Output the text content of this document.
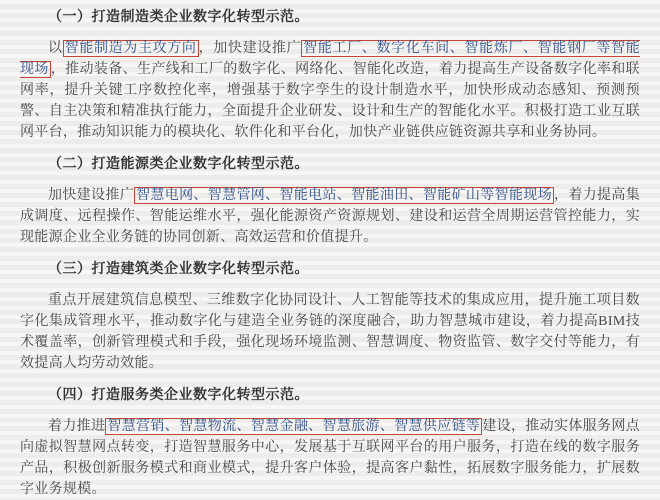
（一）打造制造类企业数字化转型示范。

以 智能制造为主攻方向 ，加快建设推广 智能工厂、数字化车间、智能炼厂、智能钢厂等智能现场 ，推动装备、生产线和工厂的数字化、网络化、智能化改造，着力提高生产设备数字化率和联网率，提升关键工序数控化率，增强基于数字孪生的设计制造水平，加快形成动态感知、预测预警、自主决策和精准执行能力，全面提升企业研发、设计和生产的智能化水平。积极打造工业互联网平台，推动知识能力的模块化、软件化和平台化，加快产业链供应链资源共享和业务协同。

（二）打造能源类企业数字化转型示范。

加快建设推广 智慧电网、智慧管网、智能电站、智能油田、智能矿山等智能现场 ，着力提高集成调度、远程操作、智能运维水平，强化能源资产资源规划、建设和运营全周期运营管控能力，实现能源企业全业务链的协同创新、高效运营和价值提升。

（三）打造建筑类企业数字化转型示范。

重点开展建筑信息模型、三维数字化协同设计、人工智能等技术的集成应用，提升施工项目数字化集成管理水平，推动数字化与建造全业务链的深度融合，助力智慧城市建设，着力提高BIM技术覆盖率，创新管理模式和手段，强化现场环境监测、智慧调度、物资监管、数字交付等能力，有效提高人均劳动效能。

（四）打造服务类企业数字化转型示范。

着力推进 智慧营销、智慧物流、智慧金融、智慧旅游、智慧供应链等 建设，推动实体服务网点向虚拟智慧网点转变，打造智慧服务中心，发展基于互联网平台的用户服务，打造在线的数字服务产品，积极创新服务模式和商业模式，提升客户体验，提高客户黏性，拓展数字服务能力，扩展数字业务规模。
